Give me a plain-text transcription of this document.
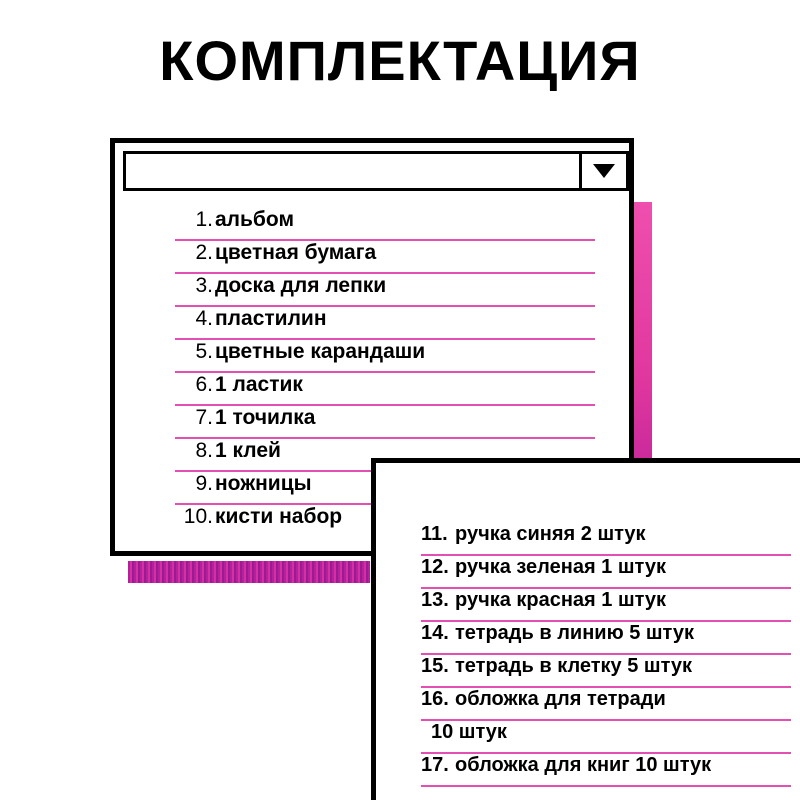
КОМПЛЕКТАЦИЯ
1. альбом
2. цветная бумага
3. доска для лепки
4. пластилин
5. цветные карандаши
6. 1 ластик
7. 1 точилка
8. 1 клей
9. ножницы
10. кисти набор
11. ручка синяя 2 штук
12. ручка зеленая 1 штук
13. ручка красная 1 штук
14. тетрадь в линию 5 штук
15. тетрадь в клетку 5 штук
16. обложка для тетради
10 штук
17. обложка для книг 10 штук
